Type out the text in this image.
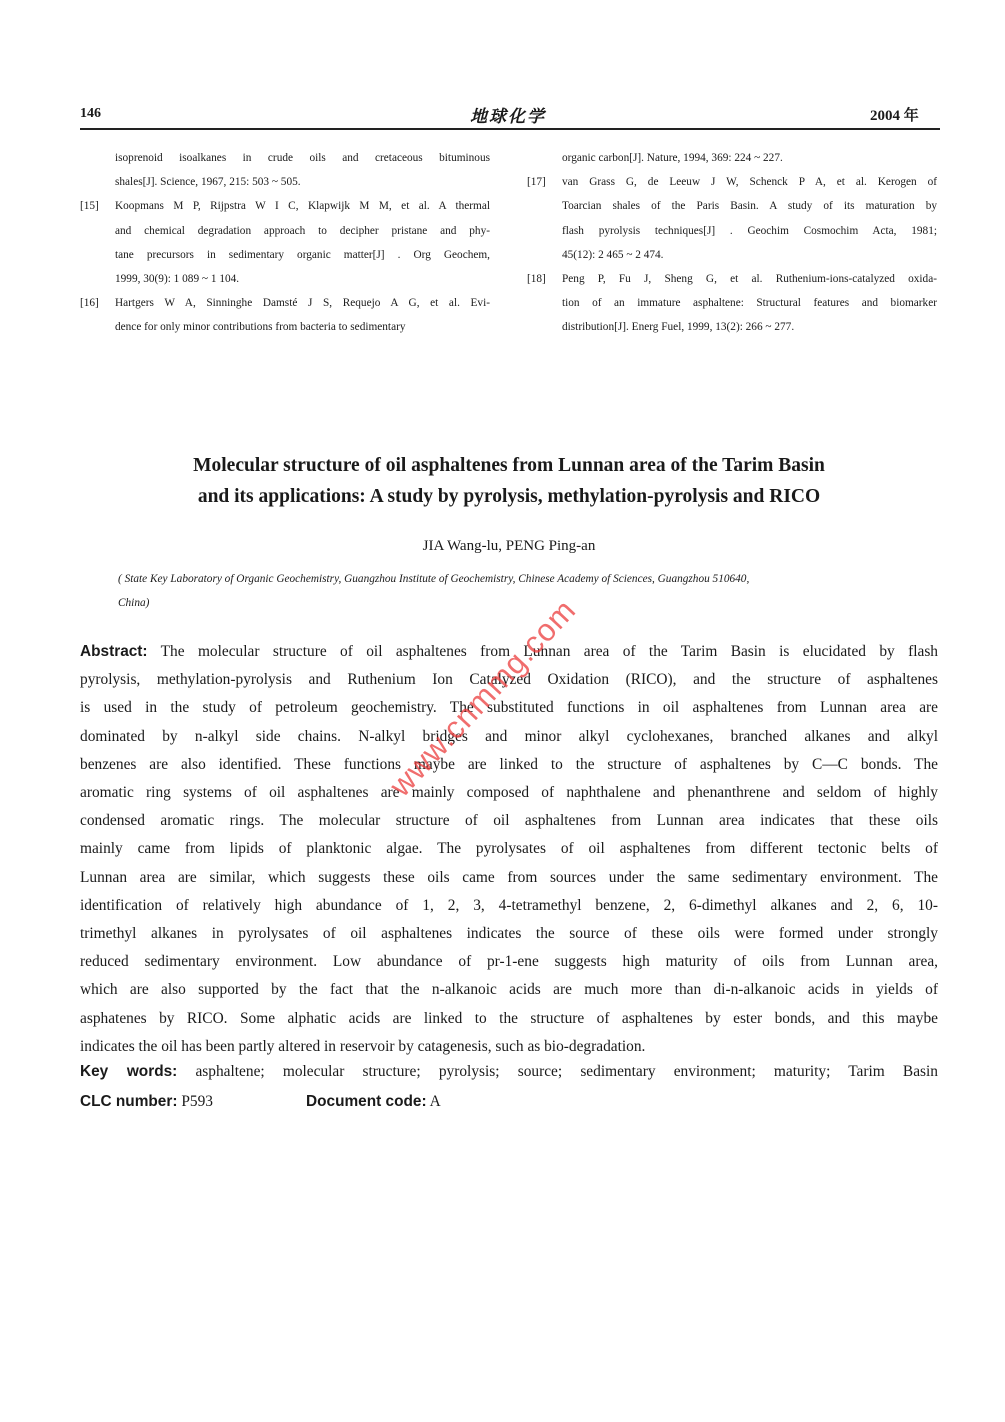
146	地球化学	2004 年
isoprenoid isoalkanes in crude oils and cretaceous bituminous
shales[J]. Science, 1967, 215: 503 ~ 505.
[15] Koopmans M P, Rijpstra W I C, Klapwijk M M, et al. A thermal
and chemical degradation approach to decipher pristane and phy-
tane precursors in sedimentary organic matter[J] . Org Geochem,
1999, 30(9): 1 089 ~ 1 104.
[16] Hartgers W A, Sinninghe Damsté J S, Requejo A G, et al. Evi-
dence for only minor contributions from bacteria to sedimentary
organic carbon[J]. Nature, 1994, 369: 224 ~ 227.
[17] van Grass G, de Leeuw J W, Schenck P A, et al. Kerogen of
Toarcian shales of the Paris Basin. A study of its maturation by
flash pyrolysis techniques[J] . Geochim Cosmochim Acta, 1981;
45(12): 2 465 ~ 2 474.
[18] Peng P, Fu J, Sheng G, et al. Ruthenium-ions-catalyzed oxida-
tion of an immature asphaltene: Structural features and biomarker
distribution[J]. Energ Fuel, 1999, 13(2): 266 ~ 277.
Molecular structure of oil asphaltenes from Lunnan area of the Tarim Basin
and its applications: A study by pyrolysis, methylation-pyrolysis and RICO
JIA Wang-lu, PENG Ping-an
( State Key Laboratory of Organic Geochemistry, Guangzhou Institute of Geochemistry, Chinese Academy of Sciences, Guangzhou 510640,
China)
Abstract: The molecular structure of oil asphaltenes from Lunnan area of the Tarim Basin is elucidated by flash
pyrolysis, methylation-pyrolysis and Ruthenium Ion Catalyzed Oxidation (RICO), and the structure of asphaltenes
is used in the study of petroleum geochemistry. The substituted functions in oil asphaltenes from Lunnan area are
dominated by n-alkyl side chains. N-alkyl bridges and minor alkyl cyclohexanes, branched alkanes and alkyl
benzenes are also identified. These functions maybe are linked to the structure of asphaltenes by C—C bonds. The
aromatic ring systems of oil asphaltenes are mainly composed of naphthalene and phenanthrene and seldom of highly
condensed aromatic rings. The molecular structure of oil asphaltenes from Lunnan area indicates that these oils
mainly came from lipids of planktonic algae. The pyrolysates of oil asphaltenes from different tectonic belts of
Lunnan area are similar, which suggests these oils came from sources under the same sedimentary environment. The
identification of relatively high abundance of 1, 2, 3, 4-tetramethyl benzene, 2, 6-dimethyl alkanes and 2, 6, 10-
trimethyl alkanes in pyrolysates of oil asphaltenes indicates the source of these oils were formed under strongly
reduced sedimentary environment. Low abundance of pr-1-ene suggests high maturity of oils from Lunnan area,
which are also supported by the fact that the n-alkanoic acids are much more than di-n-alkanoic acids in yields of
asphatenes by RICO. Some alphatic acids are linked to the structure of asphaltenes by ester bonds, and this maybe
indicates the oil has been partly altered in reservoir by catagenesis, such as bio-degradation.
Key words: asphaltene; molecular structure; pyrolysis; source; sedimentary environment; maturity; Tarim Basin
CLC number: P593	Document code: A
www.cnmmg.com
